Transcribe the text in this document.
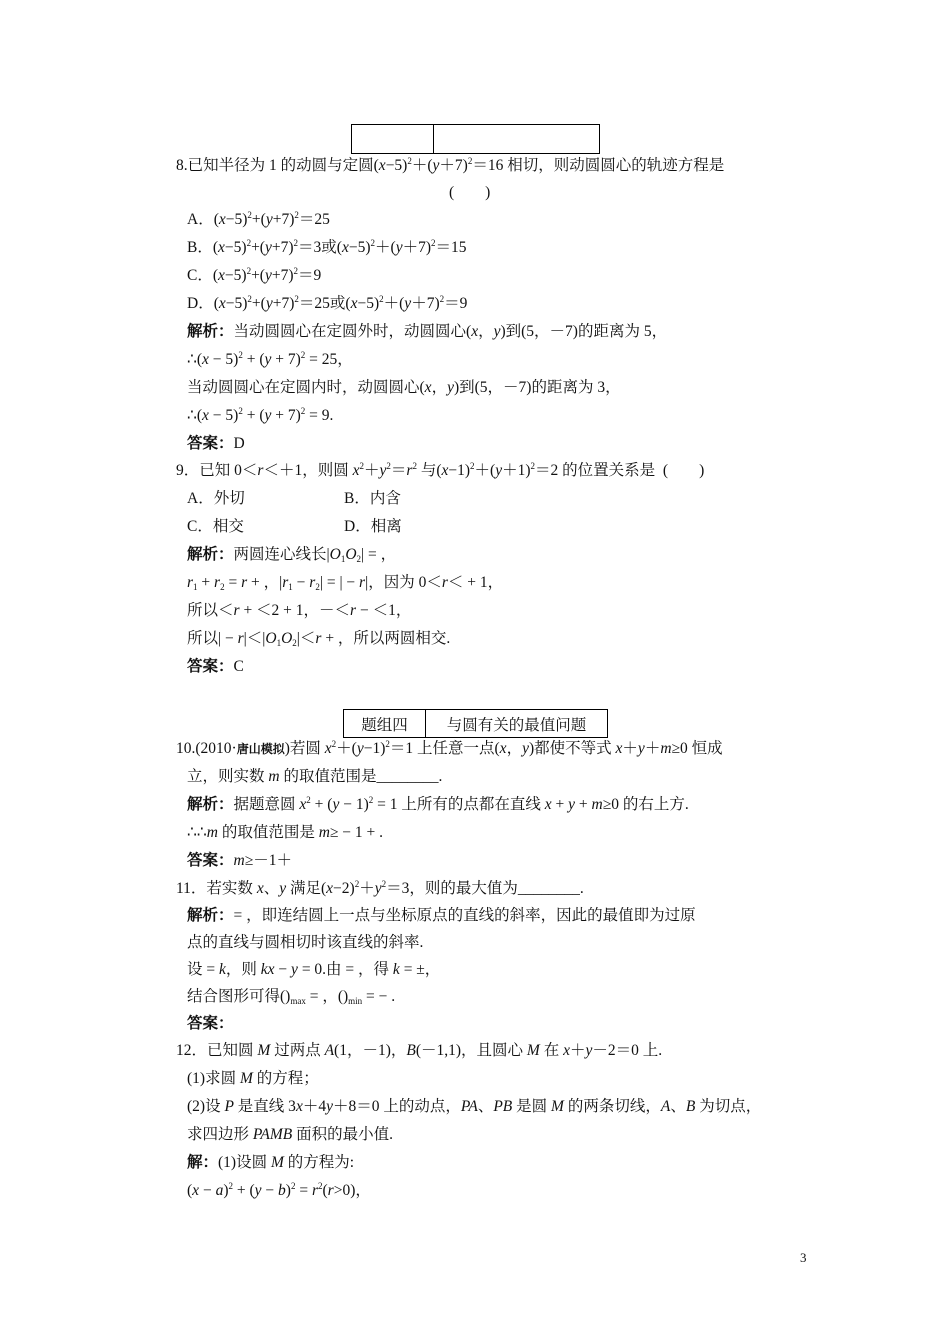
8.已知半径为 1 的动圆与定圆$(x-5)^2+(y+7)^2=16$ 相切，则动圆圆心的轨迹方程是
(　　)
A．$(x-5)^2+(y+7)^2=25$
B．$(x-5)^2+(y+7)^2=3$或$(x-5)^2+(y+7)^2=15$
C．$(x-5)^2+(y+7)^2=9$
D．$(x-5)^2+(y+7)^2=25$或$(x-5)^2+(y+7)^2=9$
解析：当动圆圆心在定圆外时，动圆圆心(x，y)到(5，－7)的距离为 5，
∴(x − $5)^2 + (y + 7)^2 = 25$，
当动圆圆心在定圆内时，动圆圆心(x，y)到(5，－7)的距离为 3，
∴(x − $5)^2 + (y + 7)^2 = 9$.
答案：D
9．已知 0＜r＜＋1，则圆 $x^2+y^2=r^2$ 与$(x-1)^2+(y+1)^2=2$ 的位置关系是 (　　)
A．外切	B．内含
C．相交	D．相离
解析：两圆连心线长$|O_1O_2|$ = ，
$r_1 + r_2 = r$ + ，$|r_1 - r_2|$ = | − r|，因为 0＜r＜ + 1，
所以＜r + ＜2 + 1，－＜r − ＜1，
所以| − $r|<|O_1O_2|<r$ + ，所以两圆相交.
答案：C
题组四	与圆有关的最值问题
10.(2010·唐山模拟)若圆 $x^2+(y-1)^2=1$ 上任意一点(x，y)都使不等式 x＋y＋m≥0 恒成
立，则实数 m 的取值范围是________.
解析：据题意圆 $x^2 + (y - 1)^2 = 1$ 上所有的点都在直线 x + y + m≥0 的右上方.
∴∴m 的取值范围是 m≥ − 1 + .
答案：m≥－1＋
11．若实数 x、y 满足$(x-2)^2+y^2=3$，则的最大值为________.
解析：= ，即连结圆上一点与坐标原点的直线的斜率，因此的最值即为过原
点的直线与圆相切时该直线的斜率.
设 = k，则 kx − y = 0.由 = ，得 k = ±，
结合图形可得$()_{max}$ = ，$()_{min}$ = − .
答案：
12．已知圆 M 过两点 A(1，－1)，B(－1,1)，且圆心 M 在 x＋y－2＝0 上.
(1)求圆 M 的方程；
(2)设 P 是直线 3x＋4y＋8＝0 上的动点，PA、PB 是圆 M 的两条切线，A、B 为切点，
求四边形 PAMB 面积的最小值.
解：(1)设圆 M 的方程为:
$(x - a)^2 + (y - b)^2 = r^2(r>0)$，
3
